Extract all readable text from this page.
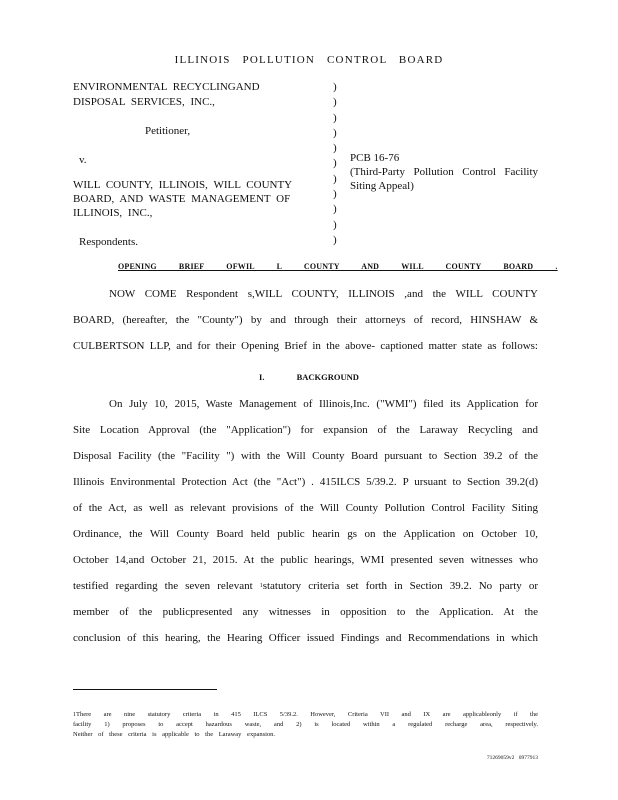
ILLINOIS POLLUTION CONTROL BOARD
ENVIRONMENTAL RECYCLINGAND
DISPOSAL SERVICES, INC.,
Petitioner,
v.
WILL COUNTY, ILLINOIS, WILL COUNTY
BOARD, AND WASTE MANAGEMENT OF
ILLINOIS, INC.,
Respondents.
)
)
)
)
)
)
)
)
)
)
)
PCB 16-76
(Third-Party Pollution Control Facility Siting Appeal)
OPENING BRIEF OFWIL L COUNTY AND WILL COUNTY BOARD .
NOW COME Respondent s,WILL COUNTY, ILLINOIS ,and the WILL COUNTY
BOARD, (hereafter, the "County") by and through their attorneys of record, HINSHAW &
CULBERTSON LLP, and for their Opening Brief in the above- captioned matter state as follows:
I. BACKGROUND
On July 10, 2015, Waste Management of Illinois,Inc. ("WMI") filed its Application for
Site Location Approval (the "Application") for expansion of the Laraway Recycling and
Disposal Facility (the "Facility ") with the Will County Board pursuant to Section 39.2 of the
Illinois Environmental Protection Act (the "Act") . 415ILCS 5/39.2. P ursuant to Section 39.2(d)
of the Act, as well as relevant provisions of the Will County Pollution Control Facility Siting
Ordinance, the Will County Board held public hearin gs on the Application on October 10,
October 14,and October 21, 2015. At the public hearings, WMI presented seven witnesses who
testified regarding the seven relevant $^1$statutory criteria set forth in Section 39.2. No party or
member of the publicpresented any witnesses in opposition to the Application. At the
conclusion of this hearing, the Hearing Officer issued Findings and Recommendations in which
$^1$There are nine statutory criteria in 415 ILCS 5/39.2. However, Criteria VII and IX are applicableonly if the
facility 1) proposes to accept hazardous waste, and 2) is located within a regulated recharge area, respectively.
Neither of these criteria is applicable to the Laraway expansion.
71269059v2 0977913
